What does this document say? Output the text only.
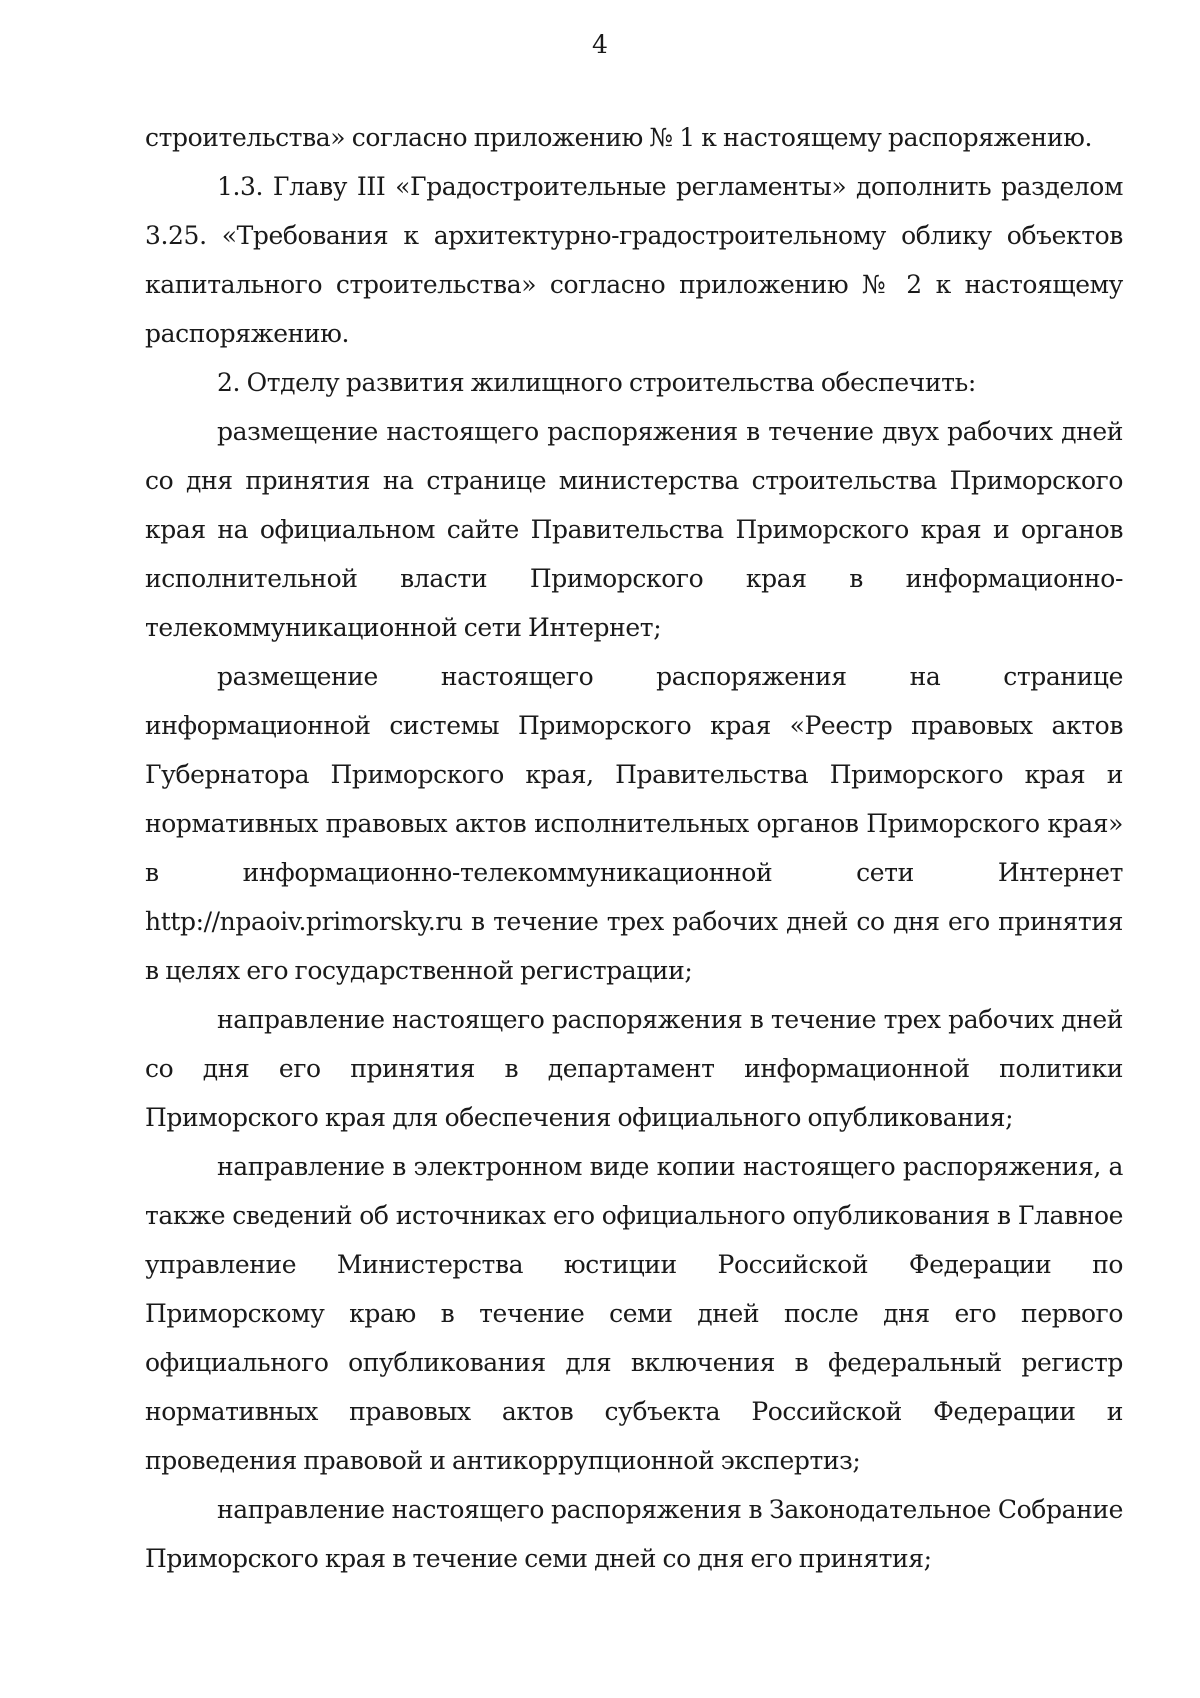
4

строительства» согласно приложению № 1 к настоящему распоряжению.

1.3. Главу III «Градостроительные регламенты» дополнить разделом 3.25. «Требования к архитектурно-градостроительному облику объектов капитального строительства» согласно приложению № 2 к настоящему распоряжению.

2. Отделу развития жилищного строительства обеспечить:

размещение настоящего распоряжения в течение двух рабочих дней со дня принятия на странице министерства строительства Приморского края на официальном сайте Правительства Приморского края и органов исполнительной власти Приморского края в информационно-телекоммуникационной сети Интернет;

размещение настоящего распоряжения на странице информационной системы Приморского края «Реестр правовых актов Губернатора Приморского края, Правительства Приморского края и нормативных правовых актов исполнительных органов Приморского края» в информационно-телекоммуникационной сети Интернет http://npaoiv.primorsky.ru в течение трех рабочих дней со дня его принятия в целях его государственной регистрации;

направление настоящего распоряжения в течение трех рабочих дней со дня его принятия в департамент информационной политики Приморского края для обеспечения официального опубликования;

направление в электронном виде копии настоящего распоряжения, а также сведений об источниках его официального опубликования в Главное управление Министерства юстиции Российской Федерации по Приморскому краю в течение семи дней после дня его первого официального опубликования для включения в федеральный регистр нормативных правовых актов субъекта Российской Федерации и проведения правовой и антикоррупционной экспертиз;

направление настоящего распоряжения в Законодательное Собрание Приморского края в течение семи дней со дня его принятия;
